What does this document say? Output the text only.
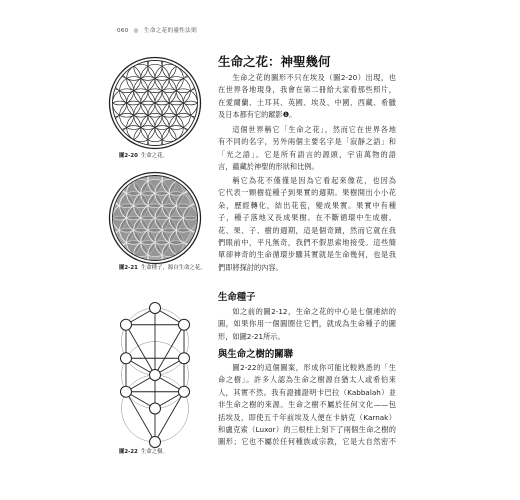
060 ◎ 生命之花的靈性法則
圖2-20 生命之花。
圖2-21 生命種子，源自生命之花。
圖2-22 生命之樹。
生命之花：神聖幾何
生命之花的圖形不只在埃及（圖2-20）出現，也
在世界各地現身，我會在第二冊給大家看那些照片，
在愛爾蘭、土耳其、英國、埃及、中國、西藏、希臘
及日本都有它的蹤影❶。
這個世界稱它「生命之花」，然而它在世界各地
有不同的名字，另外兩個主要名字是「寂靜之語」和
「光之語」。它是所有語言的源頭，宇宙萬物的語
言，蘊藏於神聖的形狀和比例。
稱它為花不僅僅是因為它看起來像花，也因為
它代表一顆樹從種子到果實的週期。果樹開出小小花
朵，歷經轉化，結出花苞，變成果實。果實中有種
子，種子落地又長成果樹。在不斷循環中生成樹、
花、果、子、樹的週期，這是個奇蹟，然而它就在我
們眼前中，平凡無奇，我們不假思索地接受。這些簡
單卻神奇的生命循環步驟其實就是生命幾何，也是我
們即將探討的內容。
生命種子
如之前的圖2-12，生命之花的中心是七個連結的
圓，如果你用一個圓圈住它們，就成為生命種子的圖
形，如圖2-21所示。
與生命之樹的關聯
圖2-22的這個圖案，形成你可能比較熟悉的「生
命之樹」。許多人認為生命之樹源自猶太人或希伯來
人，其實不然。我有證據證明卡巴拉（Kabbalah）並
非生命之樹的來源。生命之樹不屬於任何文化——包
括埃及，即使五千年前埃及人便在卡納克（Karnak）
和盧克索（Luxor）的三根柱上刻下了兩個生命之樹的
圖形；它也不屬於任何種族或宗教，它是大自然密不
